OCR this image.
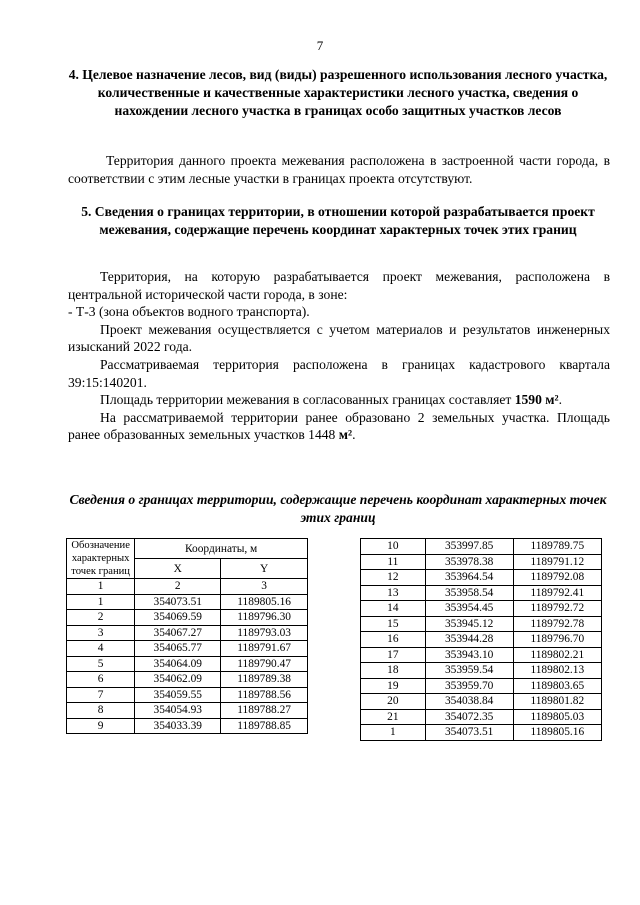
7
4. Целевое назначение лесов, вид (виды) разрешенного использования лесного участка, количественные и качественные характеристики лесного участка, сведения о нахождении лесного участка в границах особо защитных участков лесов
Территория данного проекта межевания расположена в застроенной части города, в соответствии с этим лесные участки в границах проекта отсутствуют.
5. Сведения о границах территории, в отношении которой разрабатывается проект межевания, содержащие перечень координат характерных точек этих границ

Территория, на которую разрабатывается проект межевания, расположена в центральной исторической части города, в зоне:

- Т-3 (зона объектов водного транспорта).

Проект межевания осуществляется с учетом материалов и результатов инженерных изысканий 2022 года.

Рассматриваемая территория расположена в границах кадастрового квартала 39:15:140201.

Площадь территории межевания в согласованных границах составляет 1590 м².

На рассматриваемой территории ранее образовано 2 земельных участка. Площадь ранее образованных земельных участков 1448 м².

Сведения о границах территории, содержащие перечень координат характерных точек этих границ
Обозначение характерных точек границ	Координаты, м	
	X	Y
1	2	3
1	354073.51	1189805.16
2	354069.59	1189796.30
3	354067.27	1189793.03
4	354065.77	1189791.67
5	354064.09	1189790.47
6	354062.09	1189789.38
7	354059.55	1189788.56
8	354054.93	1189788.27
9	354033.39	1189788.85
10	353997.85	1189789.75
11	353978.38	1189791.12
12	353964.54	1189792.08
13	353958.54	1189792.41
14	353954.45	1189792.72
15	353945.12	1189792.78
16	353944.28	1189796.70
17	353943.10	1189802.21
18	353959.54	1189802.13
19	353959.70	1189803.65
20	354038.84	1189801.82
21	354072.35	1189805.03
1	354073.51	1189805.16
